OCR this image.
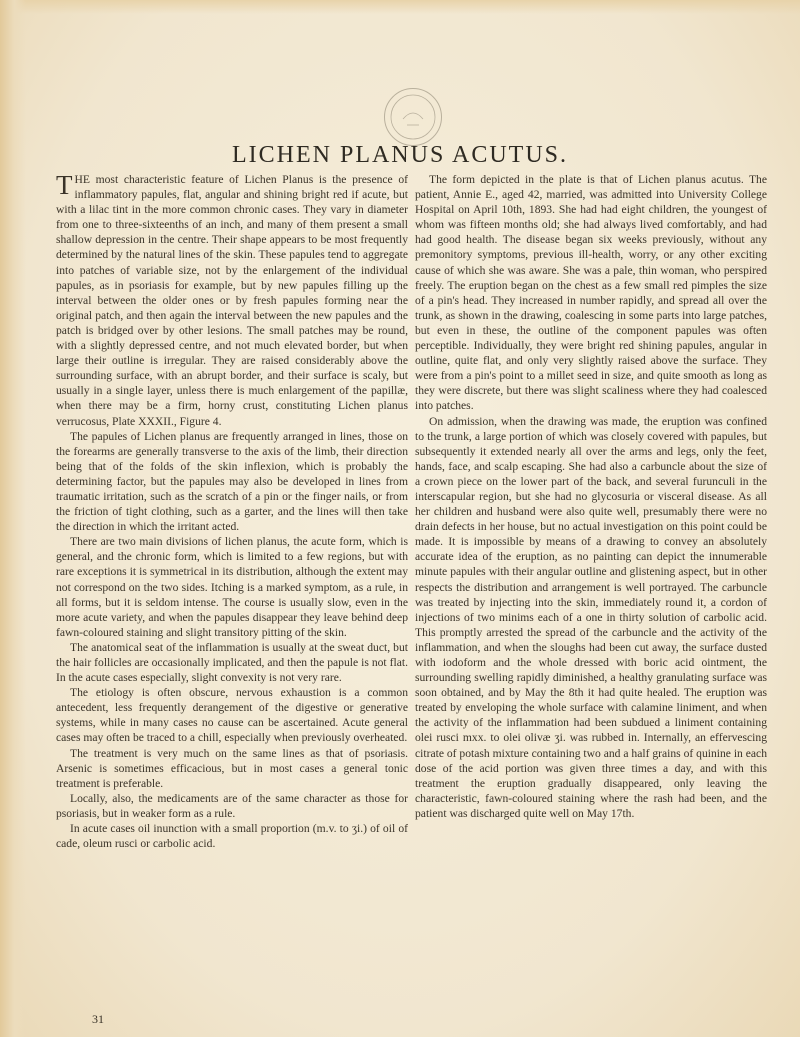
LICHEN PLANUS ACUTUS.

THE most characteristic feature of Lichen Planus is the presence of inflammatory papules, flat, angular and shining bright red if acute, but with a lilac tint in the more common chronic cases. They vary in diameter from one to three-sixteenths of an inch, and many of them present a small shallow depression in the centre. Their shape appears to be most frequently determined by the natural lines of the skin. These papules tend to aggregate into patches of variable size, not by the enlargement of the individual papules, as in psoriasis for example, but by new papules filling up the interval between the older ones or by fresh papules forming near the original patch, and then again the interval between the new papules and the patch is bridged over by other lesions. The small patches may be round, with a slightly depressed centre, and not much elevated border, but when large their outline is irregular. They are raised considerably above the surrounding surface, with an abrupt border, and their surface is scaly, but usually in a single layer, unless there is much enlargement of the papillæ, when there may be a firm, horny crust, constituting Lichen planus verrucosus, Plate XXXII., Figure 4.

The papules of Lichen planus are frequently arranged in lines, those on the forearms are generally transverse to the axis of the limb, their direction being that of the folds of the skin inflexion, which is probably the determining factor, but the papules may also be developed in lines from traumatic irritation, such as the scratch of a pin or the finger nails, or from the friction of tight clothing, such as a garter, and the lines will then take the direction in which the irritant acted.

There are two main divisions of lichen planus, the acute form, which is general, and the chronic form, which is limited to a few regions, but with rare exceptions it is symmetrical in its distribution, although the extent may not correspond on the two sides. Itching is a marked symptom, as a rule, in all forms, but it is seldom intense. The course is usually slow, even in the more acute variety, and when the papules disappear they leave behind deep fawn-coloured staining and slight transitory pitting of the skin.

The anatomical seat of the inflammation is usually at the sweat duct, but the hair follicles are occasionally implicated, and then the papule is not flat. In the acute cases especially, slight convexity is not very rare.

The etiology is often obscure, nervous exhaustion is a common antecedent, less frequently derangement of the digestive or generative systems, while in many cases no cause can be ascertained. Acute general cases may often be traced to a chill, especially when previously overheated.

The treatment is very much on the same lines as that of psoriasis. Arsenic is sometimes efficacious, but in most cases a general tonic treatment is preferable.

Locally, also, the medicaments are of the same character as those for psoriasis, but in weaker form as a rule.

In acute cases oil inunction with a small proportion (m.v. to ʒi.) of oil of cade, oleum rusci or carbolic acid.

The form depicted in the plate is that of Lichen planus acutus. The patient, Annie E., aged 42, married, was admitted into University College Hospital on April 10th, 1893. She had had eight children, the youngest of whom was fifteen months old; she had always lived comfortably, and had had good health. The disease began six weeks previously, without any premonitory symptoms, previous ill-health, worry, or any other exciting cause of which she was aware. She was a pale, thin woman, who perspired freely. The eruption began on the chest as a few small red pimples the size of a pin's head. They increased in number rapidly, and spread all over the trunk, as shown in the drawing, coalescing in some parts into large patches, but even in these, the outline of the component papules was often perceptible. Individually, they were bright red shining papules, angular in outline, quite flat, and only very slightly raised above the surface. They were from a pin's point to a millet seed in size, and quite smooth as long as they were discrete, but there was slight scaliness where they had coalesced into patches.

On admission, when the drawing was made, the eruption was confined to the trunk, a large portion of which was closely covered with papules, but subsequently it extended nearly all over the arms and legs, only the feet, hands, face, and scalp escaping. She had also a carbuncle about the size of a crown piece on the lower part of the back, and several furunculi in the interscapular region, but she had no glycosuria or visceral disease. As all her children and husband were also quite well, presumably there were no drain defects in her house, but no actual investigation on this point could be made. It is impossible by means of a drawing to convey an absolutely accurate idea of the eruption, as no painting can depict the innumerable minute papules with their angular outline and glistening aspect, but in other respects the distribution and arrangement is well portrayed. The carbuncle was treated by injecting into the skin, immediately round it, a cordon of injections of two minims each of a one in thirty solution of carbolic acid. This promptly arrested the spread of the carbuncle and the activity of the inflammation, and when the sloughs had been cut away, the surface dusted with iodoform and the whole dressed with boric acid ointment, the surrounding swelling rapidly diminished, a healthy granulating surface was soon obtained, and by May the 8th it had quite healed. The eruption was treated by enveloping the whole surface with calamine liniment, and when the activity of the inflammation had been subdued a liniment containing olei rusci mxx. to olei olivæ ʒi. was rubbed in. Internally, an effervescing citrate of potash mixture containing two and a half grains of quinine in each dose of the acid portion was given three times a day, and with this treatment the eruption gradually disappeared, only leaving the characteristic, fawn-coloured staining where the rash had been, and the patient was discharged quite well on May 17th.

31
